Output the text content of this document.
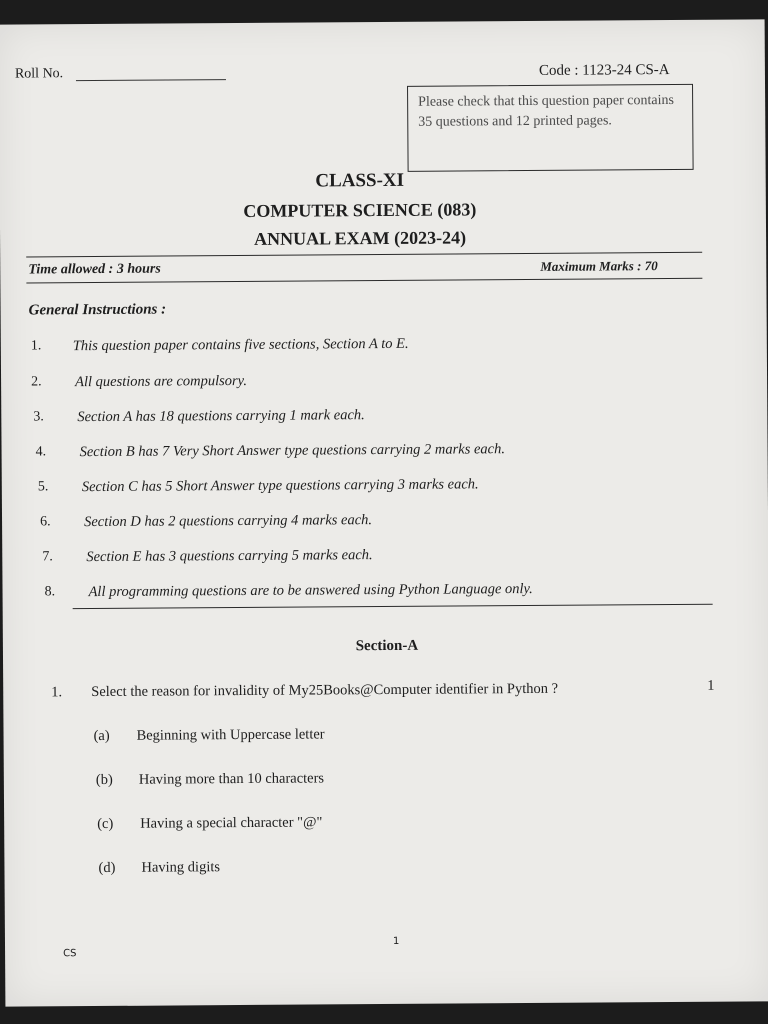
Roll No.	Code : 1123-24 CS-A
Please check that this question paper contains 35 questions and 12 printed pages.
CLASS-XI
COMPUTER SCIENCE (083)
ANNUAL EXAM (2023-24)
Time allowed : 3 hours	Maximum Marks : 70
General Instructions :
1. This question paper contains five sections, Section A to E.
2. All questions are compulsory.
3. Section A has 18 questions carrying 1 mark each.
4. Section B has 7 Very Short Answer type questions carrying 2 marks each.
5. Section C has 5 Short Answer type questions carrying 3 marks each.
6. Section D has 2 questions carrying 4 marks each.
7. Section E has 3 questions carrying 5 marks each.
8. All programming questions are to be answered using Python Language only.
Section-A
1. Select the reason for invalidity of My25Books@Computer identifier in Python ?	1
(a) Beginning with Uppercase letter
(b) Having more than 10 characters
(c) Having a special character "@"
(d) Having digits
CS
1
